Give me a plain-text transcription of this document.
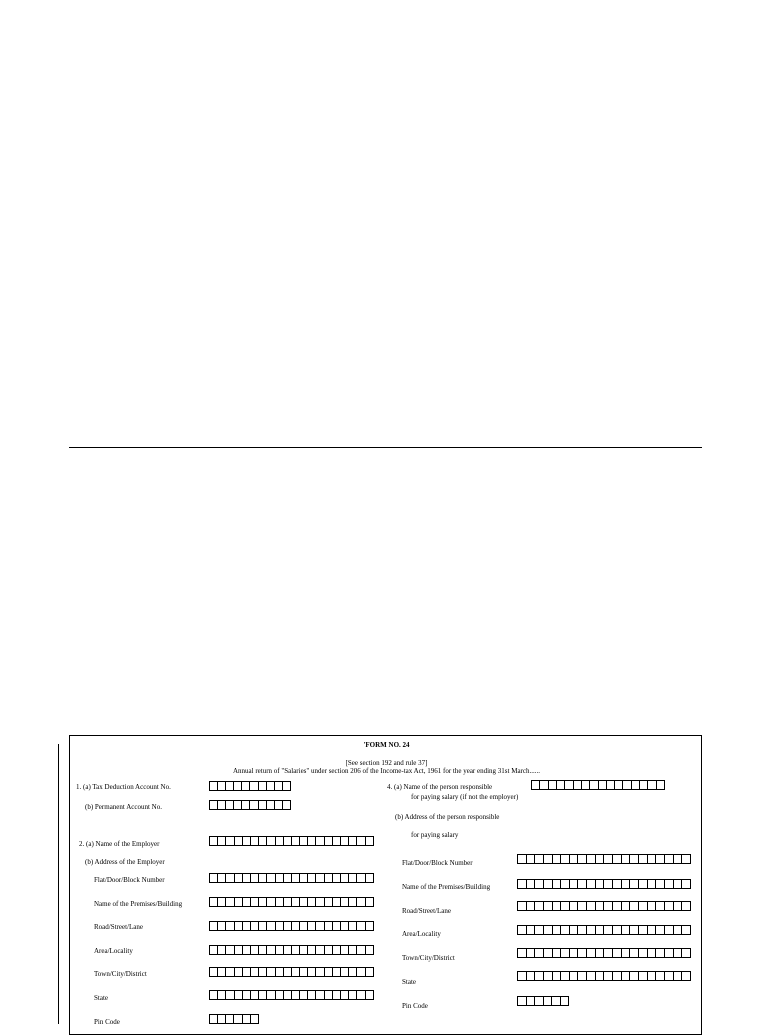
'FORM NO. 24
[See section 192 and rule 37]
Annual return of "Salaries" under section 206 of the Income-tax Act, 1961 for the year ending 31st March......
1. (a) Tax Deduction Account No.
(b) Permanent Account No.
2. (a) Name of the Employer
(b) Address of the Employer
Flat/Door/Block Number
Name of the Premises/Building
Road/Street/Lane
Area/Locality
Town/City/District
State
Pin Code
4. (a) Name of the person responsible
for paying salary (if not the employer)
(b) Address of the person responsible
for paying salary
Flat/Door/Block Number
Name of the Premises/Building
Road/Street/Lane
Area/Locality
Town/City/District
State
Pin Code
